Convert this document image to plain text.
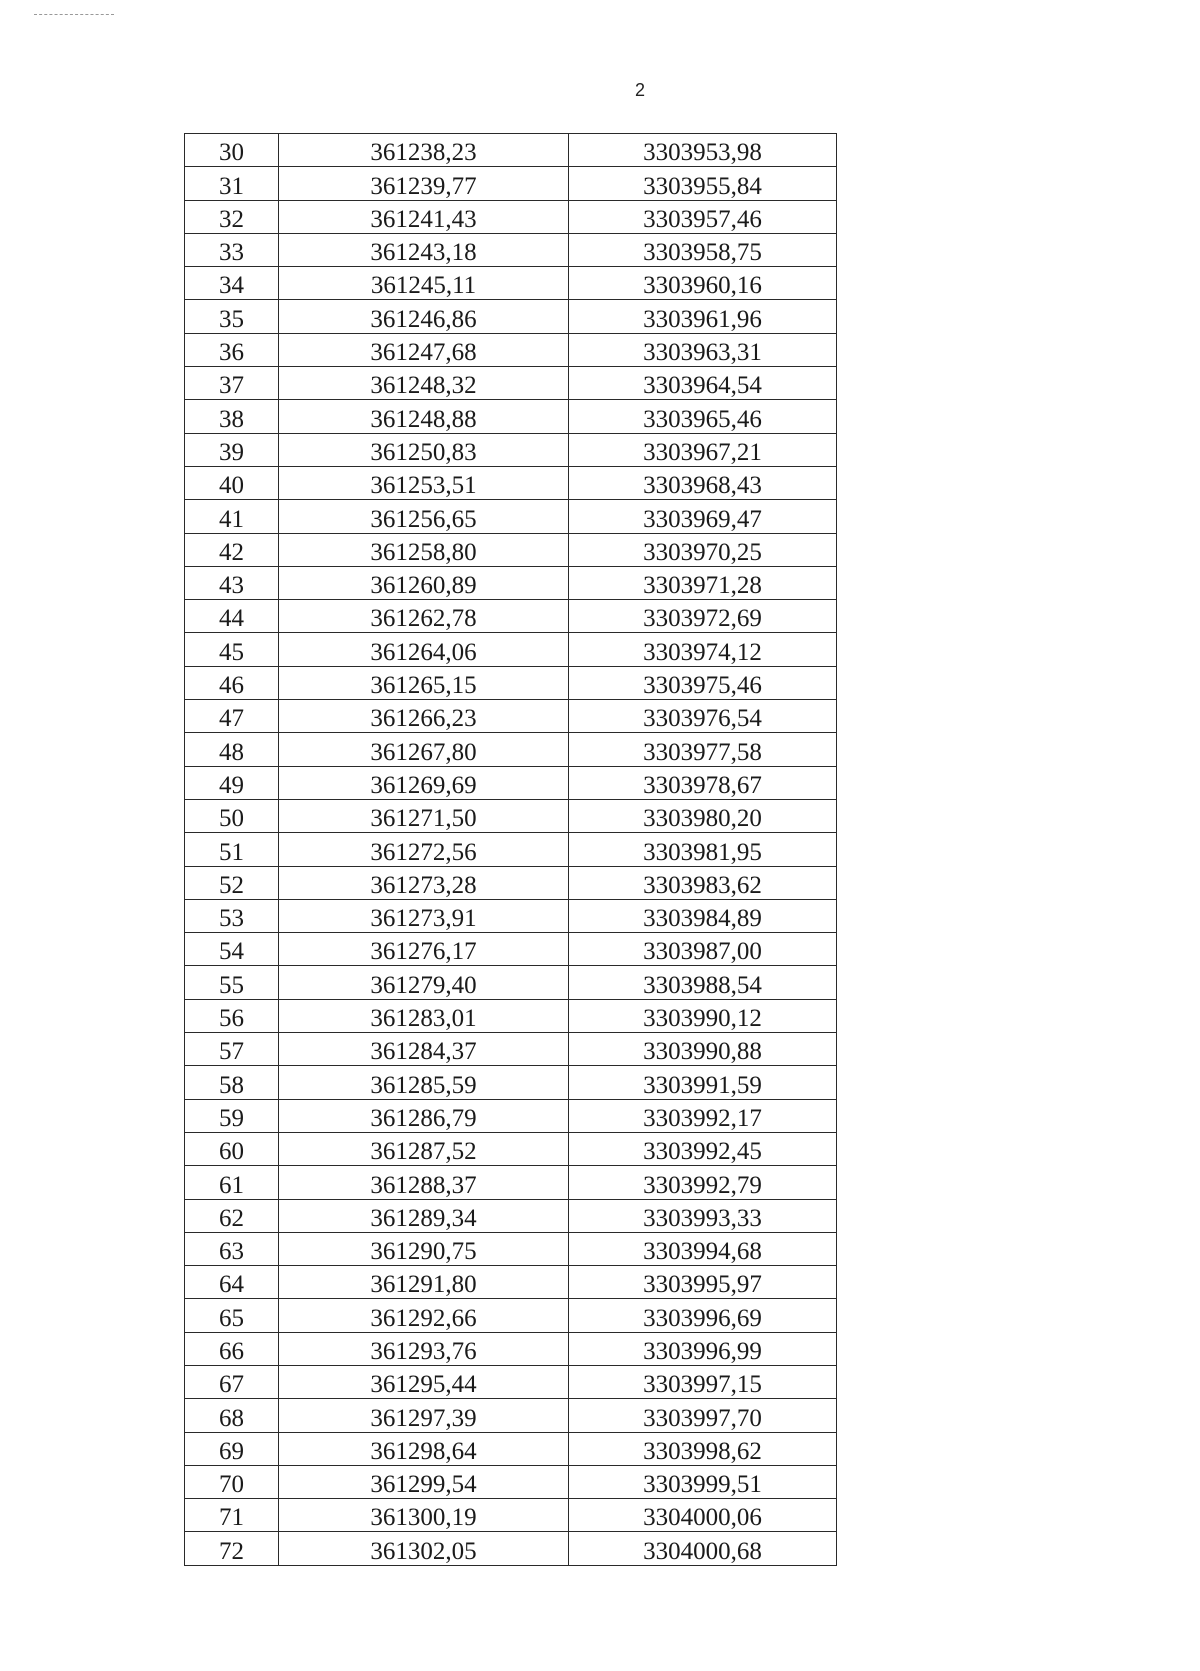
2
30	361238,23	3303953,98
31	361239,77	3303955,84
32	361241,43	3303957,46
33	361243,18	3303958,75
34	361245,11	3303960,16
35	361246,86	3303961,96
36	361247,68	3303963,31
37	361248,32	3303964,54
38	361248,88	3303965,46
39	361250,83	3303967,21
40	361253,51	3303968,43
41	361256,65	3303969,47
42	361258,80	3303970,25
43	361260,89	3303971,28
44	361262,78	3303972,69
45	361264,06	3303974,12
46	361265,15	3303975,46
47	361266,23	3303976,54
48	361267,80	3303977,58
49	361269,69	3303978,67
50	361271,50	3303980,20
51	361272,56	3303981,95
52	361273,28	3303983,62
53	361273,91	3303984,89
54	361276,17	3303987,00
55	361279,40	3303988,54
56	361283,01	3303990,12
57	361284,37	3303990,88
58	361285,59	3303991,59
59	361286,79	3303992,17
60	361287,52	3303992,45
61	361288,37	3303992,79
62	361289,34	3303993,33
63	361290,75	3303994,68
64	361291,80	3303995,97
65	361292,66	3303996,69
66	361293,76	3303996,99
67	361295,44	3303997,15
68	361297,39	3303997,70
69	361298,64	3303998,62
70	361299,54	3303999,51
71	361300,19	3304000,06
72	361302,05	3304000,68
